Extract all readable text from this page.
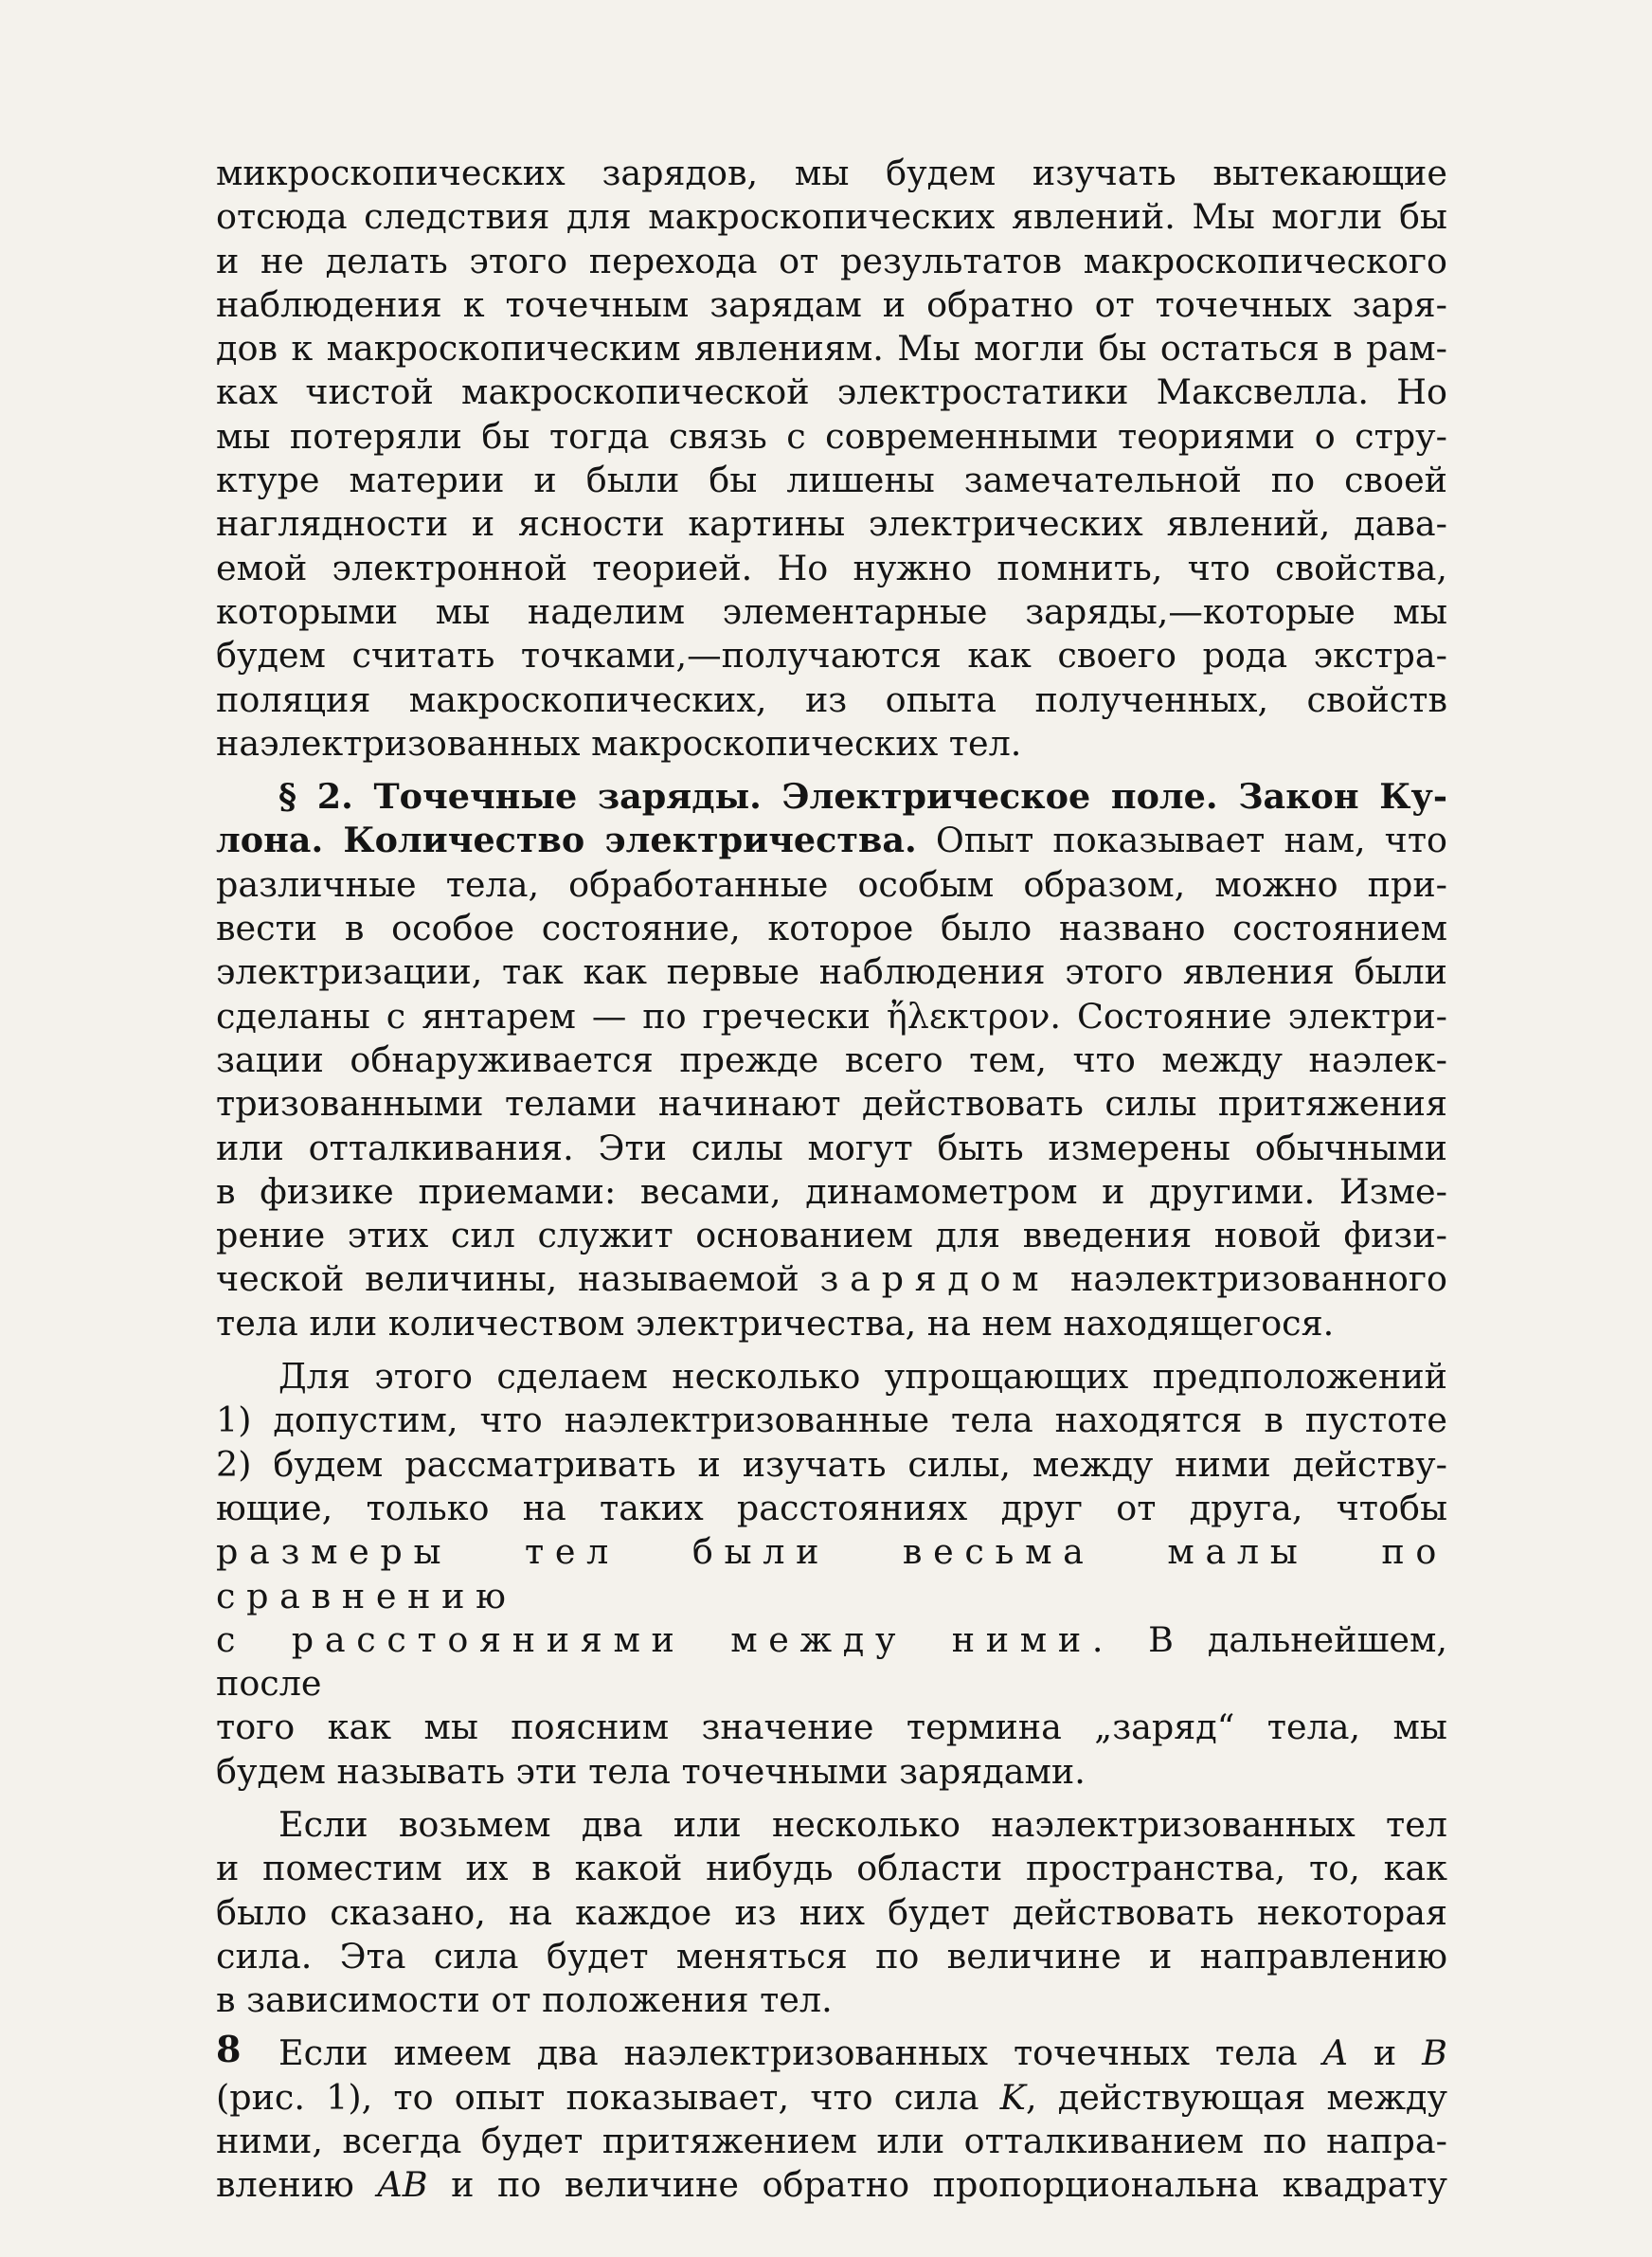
микроскопических зарядов, мы будем изучать вытекающие

отсюда следствия для макроскопических явлений. Мы могли бы

и не делать этого перехода от результатов макроскопического

наблюдения к точечным зарядам и обратно от точечных заря-

дов к макроскопическим явлениям. Мы могли бы остаться в рам-

ках чистой макроскопической электростатики Максвелла. Но

мы потеряли бы тогда связь с современными теориями о стру-

ктуре материи и были бы лишены замечательной по своей

наглядности и ясности картины электрических явлений, дава-

емой электронной теорией. Но нужно помнить, что свойства,

которыми мы наделим элементарные заряды,—которые мы

будем считать точками,—получаются как своего рода экстра-

поляция макроскопических, из опыта полученных, свойств

наэлектризованных макроскопических тел.

§ 2. Точечные заряды. Электрическое поле. Закон Ку-

лона. Количество электричества. Опыт показывает нам, что

различные тела, обработанные особым образом, можно при-

вести в особое состояние, которое было названо состоянием

электризации, так как первые наблюдения этого явления были

сделаны с янтарем — по гречески ἤλεκτρον. Состояние электри-

зации обнаруживается прежде всего тем, что между наэлек-

тризованными телами начинают действовать силы притяжения

или отталкивания. Эти силы могут быть измерены обычными

в физике приемами: весами, динамометром и другими. Изме-

рение этих сил служит основанием для введения новой физи-

ческой величины, называемой зарядом наэлектризованного

тела или количеством электричества, на нем находящегося.

Для этого сделаем несколько упрощающих предположений

1) допустим, что наэлектризованные тела находятся в пустоте

2) будем рассматривать и изучать силы, между ними действу-

ющие, только на таких расстояниях друг от друга, чтобы

размеры тел были весьма малы по сравнению

с расстояниями между ними. В дальнейшем, после

того как мы поясним значение термина „заряд“ тела, мы

будем называть эти тела точечными зарядами.

Если возьмем два или несколько наэлектризованных тел

и поместим их в какой нибудь области пространства, то, как

было сказано, на каждое из них будет действовать некоторая

сила. Эта сила будет меняться по величине и направлению

в зависимости от положения тел.

Если имеем два наэлектризованных точечных тела A и B

(рис. 1), то опыт показывает, что сила K, действующая между

ними, всегда будет притяжением или отталкиванием по напра-

влению AB и по величине обратно пропорциональна квадрату

8
